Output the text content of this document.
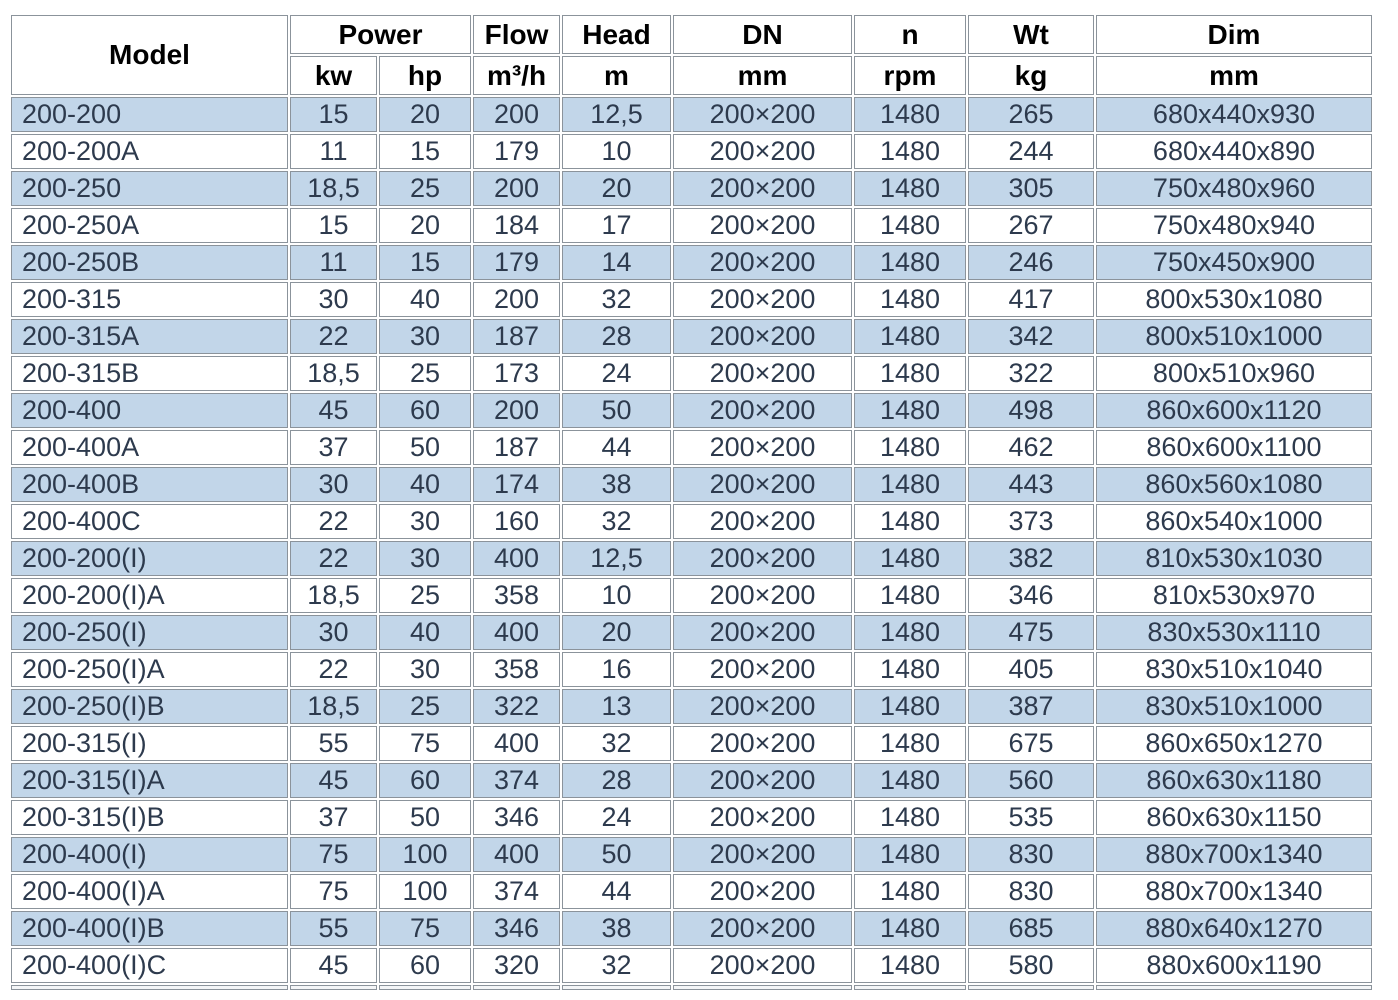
Model	Power		Flow	Head	DN	n	Wt	Dim
	kw	hp	m³/h	m	mm	rpm	kg	mm
200-200	15	20	200	12,5	200×200	1480	265	680x440x930
200-200A	11	15	179	10	200×200	1480	244	680x440x890
200-250	18,5	25	200	20	200×200	1480	305	750x480x960
200-250A	15	20	184	17	200×200	1480	267	750x480x940
200-250B	11	15	179	14	200×200	1480	246	750x450x900
200-315	30	40	200	32	200×200	1480	417	800x530x1080
200-315A	22	30	187	28	200×200	1480	342	800x510x1000
200-315B	18,5	25	173	24	200×200	1480	322	800x510x960
200-400	45	60	200	50	200×200	1480	498	860x600x1120
200-400A	37	50	187	44	200×200	1480	462	860x600x1100
200-400B	30	40	174	38	200×200	1480	443	860x560x1080
200-400C	22	30	160	32	200×200	1480	373	860x540x1000
200-200(I)	22	30	400	12,5	200×200	1480	382	810x530x1030
200-200(I)A	18,5	25	358	10	200×200	1480	346	810x530x970
200-250(I)	30	40	400	20	200×200	1480	475	830x530x1110
200-250(I)A	22	30	358	16	200×200	1480	405	830x510x1040
200-250(I)B	18,5	25	322	13	200×200	1480	387	830x510x1000
200-315(I)	55	75	400	32	200×200	1480	675	860x650x1270
200-315(I)A	45	60	374	28	200×200	1480	560	860x630x1180
200-315(I)B	37	50	346	24	200×200	1480	535	860x630x1150
200-400(I)	75	100	400	50	200×200	1480	830	880x700x1340
200-400(I)A	75	100	374	44	200×200	1480	830	880x700x1340
200-400(I)B	55	75	346	38	200×200	1480	685	880x640x1270
200-400(I)C	45	60	320	32	200×200	1480	580	880x600x1190
